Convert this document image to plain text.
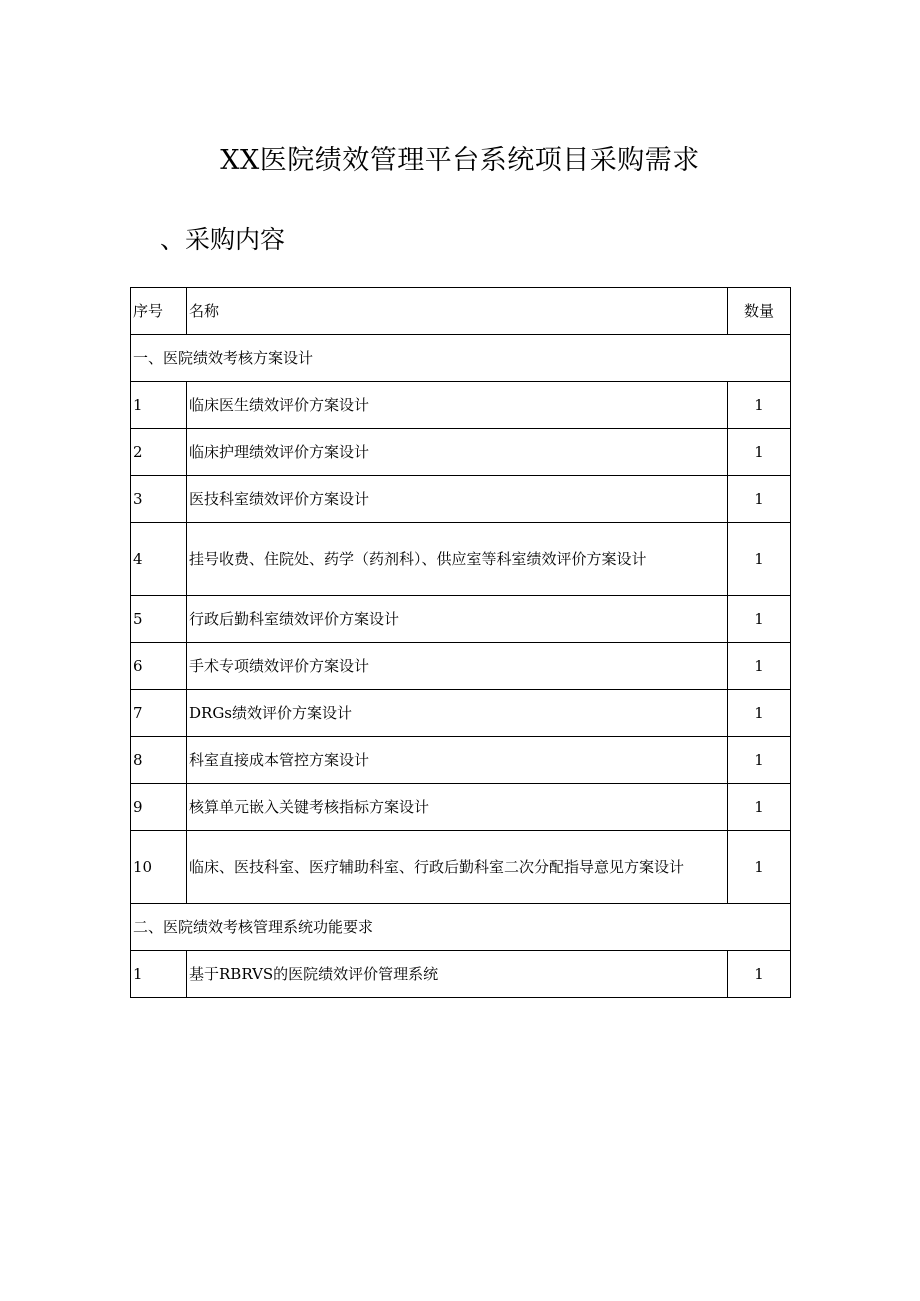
XX医院绩效管理平台系统项目采购需求
、采购内容
序号	名称	数量
一、医院绩效考核方案设计		
1	临床医生绩效评价方案设计	1
2	临床护理绩效评价方案设计	1
3	医技科室绩效评价方案设计	1
4	挂号收费、住院处、药学（药剂科）、供应室等科室绩效评价方案设计	1
5	行政后勤科室绩效评价方案设计	1
6	手术专项绩效评价方案设计	1
7	DRGs绩效评价方案设计	1
8	科室直接成本管控方案设计	1
9	核算单元嵌入关键考核指标方案设计	1
10	临床、医技科室、医疗辅助科室、行政后勤科室二次分配指导意见方案设计	1
二、医院绩效考核管理系统功能要求		
1	基于RBRVS的医院绩效评价管理系统	1
